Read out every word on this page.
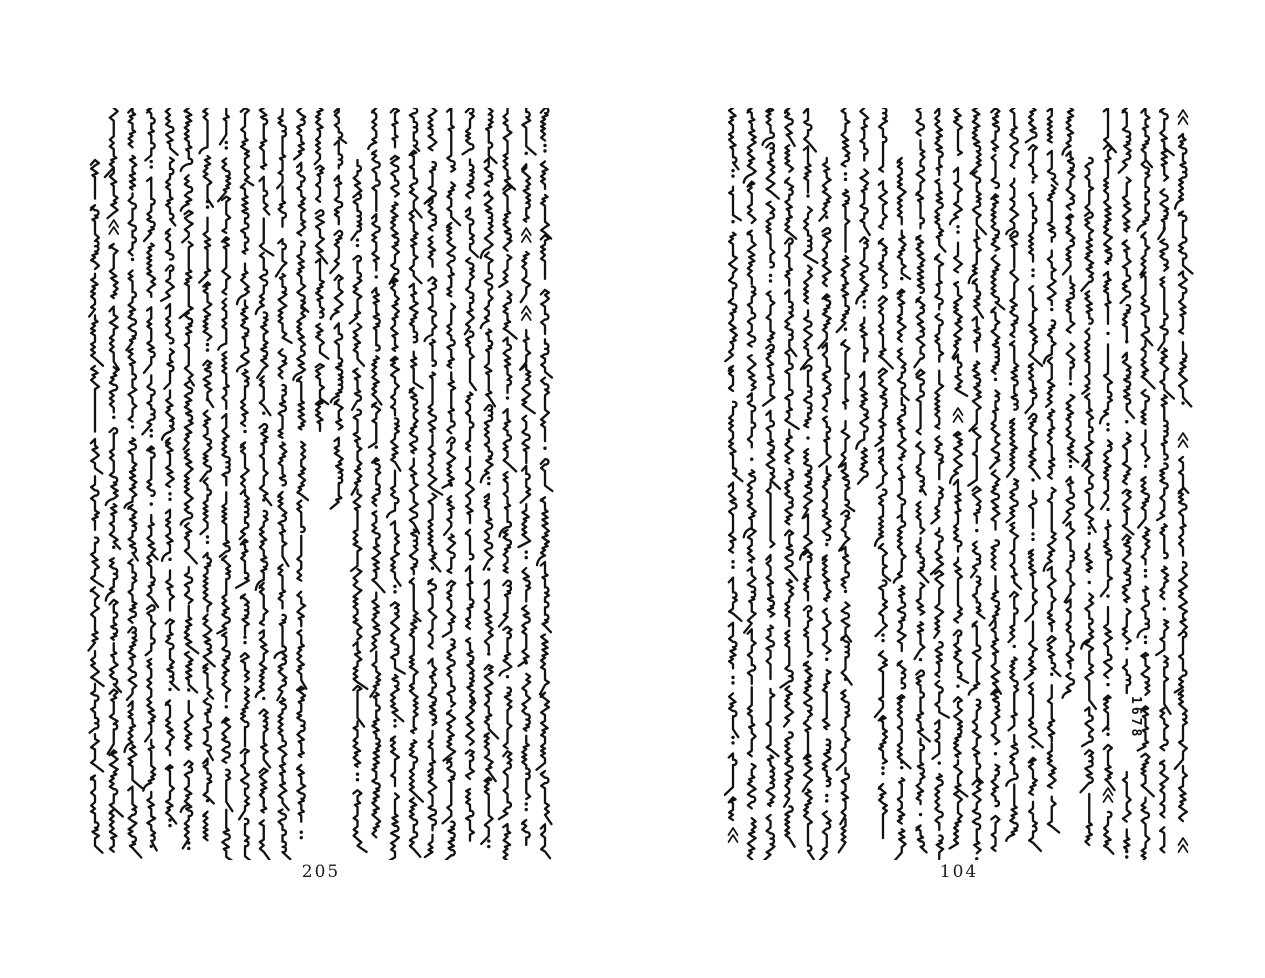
205
1678
104
